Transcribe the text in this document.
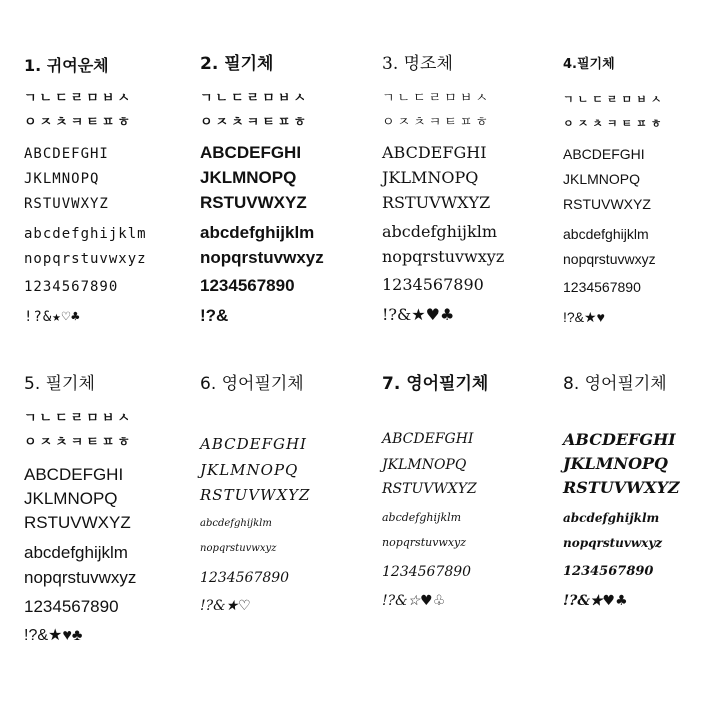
1. 귀여운체
ㄱㄴㄷㄹㅁㅂㅅ
ㅇㅈㅊㅋㅌㅍㅎ
ABCDEFGHI
JKLMNOPQ
RSTUVWXYZ
abcdefghijklm
nopqrstuvwxyz
1234567890
!?&★♡♣
2. 필기체
ㄱㄴㄷㄹㅁㅂㅅ
ㅇㅈㅊㅋㅌㅍㅎ
ABCDEFGHI
JKLMNOPQ
RSTUVWXYZ
abcdefghijklm
nopqrstuvwxyz
1234567890
!?&
3. 명조체
ㄱㄴㄷㄹㅁㅂㅅ
ㅇㅈㅊㅋㅌㅍㅎ
ABCDEFGHI
JKLMNOPQ
RSTUVWXYZ
abcdefghijklm
nopqrstuvwxyz
1234567890
!?&★♥♣
4.필기체
ㄱㄴㄷㄹㅁㅂㅅ
ㅇㅈㅊㅋㅌㅍㅎ
ABCDEFGHI
JKLMNOPQ
RSTUVWXYZ
abcdefghijklm
nopqrstuvwxyz
1234567890
!?&★♥
5. 필기체
ㄱㄴㄷㄹㅁㅂㅅ
ㅇㅈㅊㅋㅌㅍㅎ
ABCDEFGHI
JKLMNOPQ
RSTUVWXYZ
abcdefghijklm
nopqrstuvwxyz
1234567890
!?&★♥♣
6. 영어필기체
ABCDEFGHI
JKLMNOPQ
RSTUVWXYZ
abcdefghijklm
nopqrstuvwxyz
1234567890
!?&★♡
7. 영어필기체
ABCDEFGHI
JKLMNOPQ
RSTUVWXYZ
abcdefghijklm
nopqrstuvwxyz
1234567890
!?&☆♥♧
8. 영어필기체
ABCDEFGHI
JKLMNOPQ
RSTUVWXYZ
abcdefghijklm
nopqrstuvwxyz
1234567890
!?&★♥♣
